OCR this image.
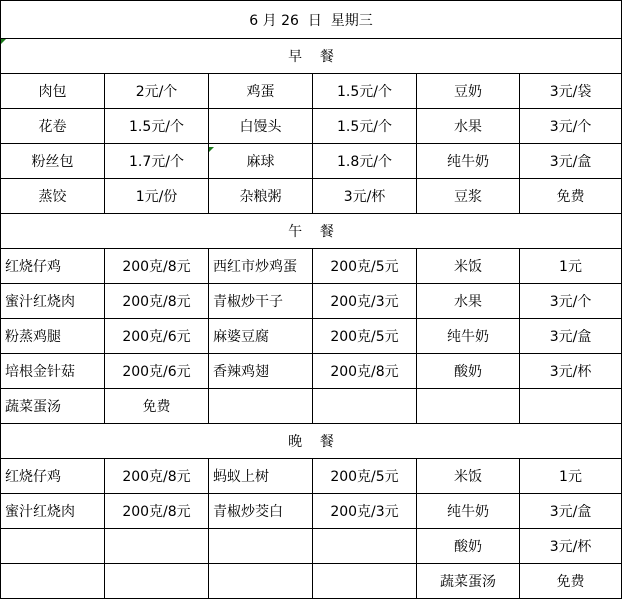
6 月 26  日  星期三					
早    餐					
肉包	2元/个	鸡蛋	1.5元/个	豆奶	3元/袋
花卷	1.5元/个	白馒头	1.5元/个	水果	3元/个
粉丝包	1.7元/个	麻球	1.8元/个	纯牛奶	3元/盒
蒸饺	1元/份	杂粮粥	3元/杯	豆浆	免费
午    餐					
红烧仔鸡	200克/8元	西红市炒鸡蛋	200克/5元	米饭	1元
蜜汁红烧肉	200克/8元	青椒炒干子	200克/3元	水果	3元/个
粉蒸鸡腿	200克/6元	麻婆豆腐	200克/5元	纯牛奶	3元/盒
培根金针菇	200克/6元	香辣鸡翅	200克/8元	酸奶	3元/杯
蔬菜蛋汤	免费				
晚    餐					
红烧仔鸡	200克/8元	蚂蚁上树	200克/5元	米饭	1元
蜜汁红烧肉	200克/8元	青椒炒茭白	200克/3元	纯牛奶	3元/盒
				酸奶	3元/杯
				蔬菜蛋汤	免费
